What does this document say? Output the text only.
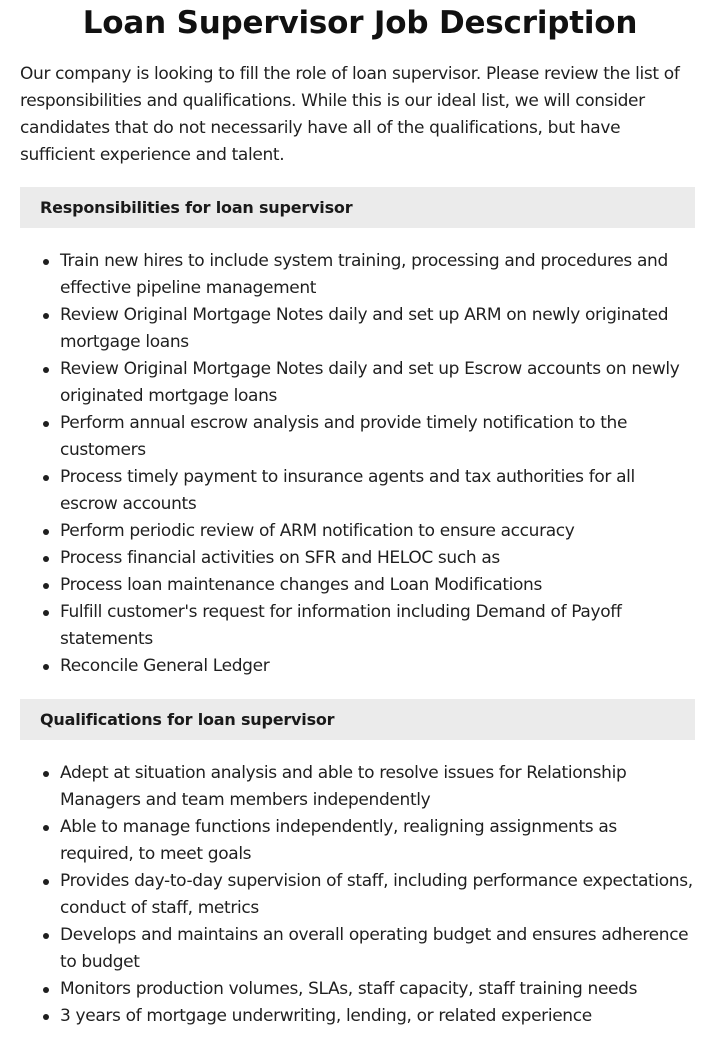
Loan Supervisor Job Description

Our company is looking to fill the role of loan supervisor. Please review the list of responsibilities and qualifications. While this is our ideal list, we will consider candidates that do not necessarily have all of the qualifications, but have sufficient experience and talent.

Responsibilities for loan supervisor
Train new hires to include system training, processing and procedures and effective pipeline management
Review Original Mortgage Notes daily and set up ARM on newly originated mortgage loans
Review Original Mortgage Notes daily and set up Escrow accounts on newly originated mortgage loans
Perform annual escrow analysis and provide timely notification to the customers
Process timely payment to insurance agents and tax authorities for all escrow accounts
Perform periodic review of ARM notification to ensure accuracy
Process financial activities on SFR and HELOC such as
Process loan maintenance changes and Loan Modifications
Fulfill customer's request for information including Demand of Payoff statements
Reconcile General Ledger
Qualifications for loan supervisor
Adept at situation analysis and able to resolve issues for Relationship Managers and team members independently
Able to manage functions independently, realigning assignments as required, to meet goals
Provides day-to-day supervision of staff, including performance expectations, conduct of staff, metrics
Develops and maintains an overall operating budget and ensures adherence to budget
Monitors production volumes, SLAs, staff capacity, staff training needs
3 years of mortgage underwriting, lending, or related experience
